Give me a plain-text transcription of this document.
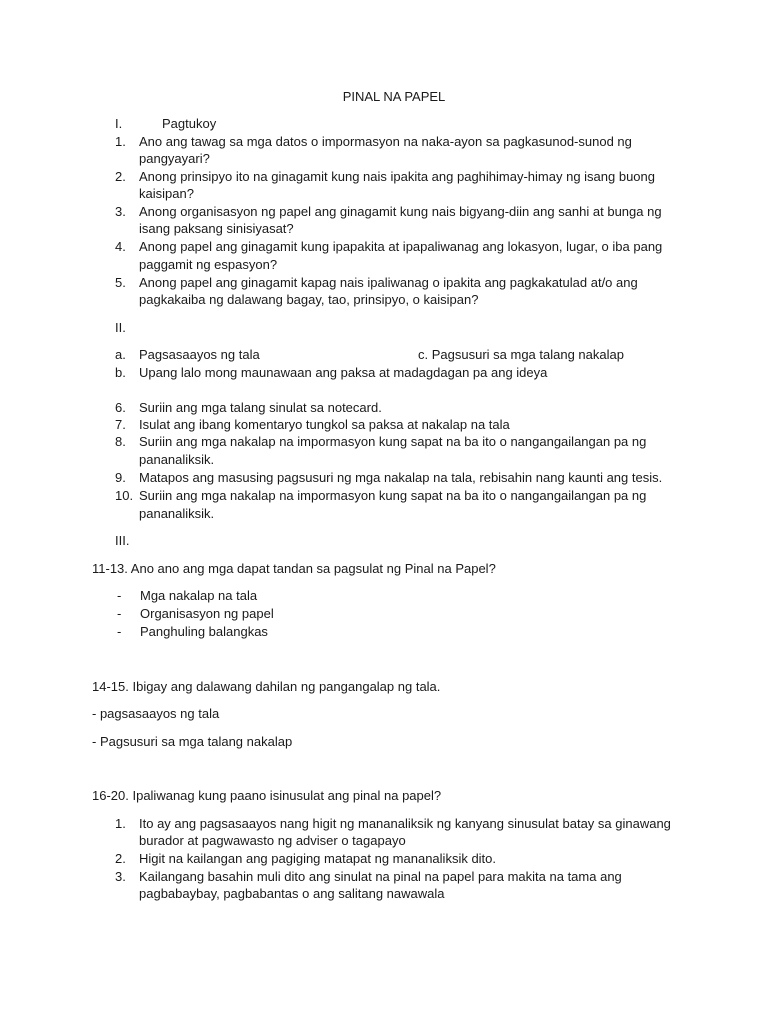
PINAL NA PAPEL
I.	Pagtukoy
1.	Ano ang tawag sa mga datos o impormasyon na naka-ayon sa pagkasunod-sunod ng
pangyayari?
2.	Anong prinsipyo ito na ginagamit kung nais ipakita ang paghihimay-himay ng isang buong
kaisipan?
3.	Anong organisasyon ng papel ang ginagamit kung nais bigyang-diin ang sanhi at bunga ng
isang paksang sinisiyasat?
4.	Anong papel ang ginagamit kung ipapakita at ipapaliwanag ang lokasyon, lugar, o iba pang
paggamit ng espasyon?
5.	Anong papel ang ginagamit kapag nais ipaliwanag o ipakita ang pagkakatulad at/o ang
pagkakaiba ng dalawang bagay, tao, prinsipyo, o kaisipan?
II.
a.	Pagsasaayos ng tala	c. Pagsusuri sa mga talang nakalap
b.	Upang lalo mong maunawaan ang paksa at madagdagan pa ang ideya
6.	Suriin ang mga talang sinulat sa notecard.
7.	Isulat ang ibang komentaryo tungkol sa paksa at nakalap na tala
8.	Suriin ang mga nakalap na impormasyon kung sapat na ba ito o nangangailangan pa ng
pananaliksik.
9.	Matapos ang masusing pagsusuri ng mga nakalap na tala, rebisahin nang kaunti ang tesis.
10. Suriin ang mga nakalap na impormasyon kung sapat na ba ito o nangangailangan pa ng
pananaliksik.
III.
11-13. Ano ano ang mga dapat tandan sa pagsulat ng Pinal na Papel?
- Mga nakalap na tala
- Organisasyon ng papel
- Panghuling balangkas
14-15. Ibigay ang dalawang dahilan ng pangangalap ng tala.
- pagsasaayos ng tala
- Pagsusuri sa mga talang nakalap
16-20. Ipaliwanag kung paano isinusulat ang pinal na papel?
1.	Ito ay ang pagsasaayos nang higit ng mananaliksik ng kanyang sinusulat batay sa ginawang
burador at pagwawasto ng adviser o tagapayo
2.	Higit na kailangan ang pagiging matapat ng mananaliksik dito.
3.	Kailangang basahin muli dito ang sinulat na pinal na papel para makita na tama ang
pagbabaybay, pagbabantas o ang salitang nawawala
